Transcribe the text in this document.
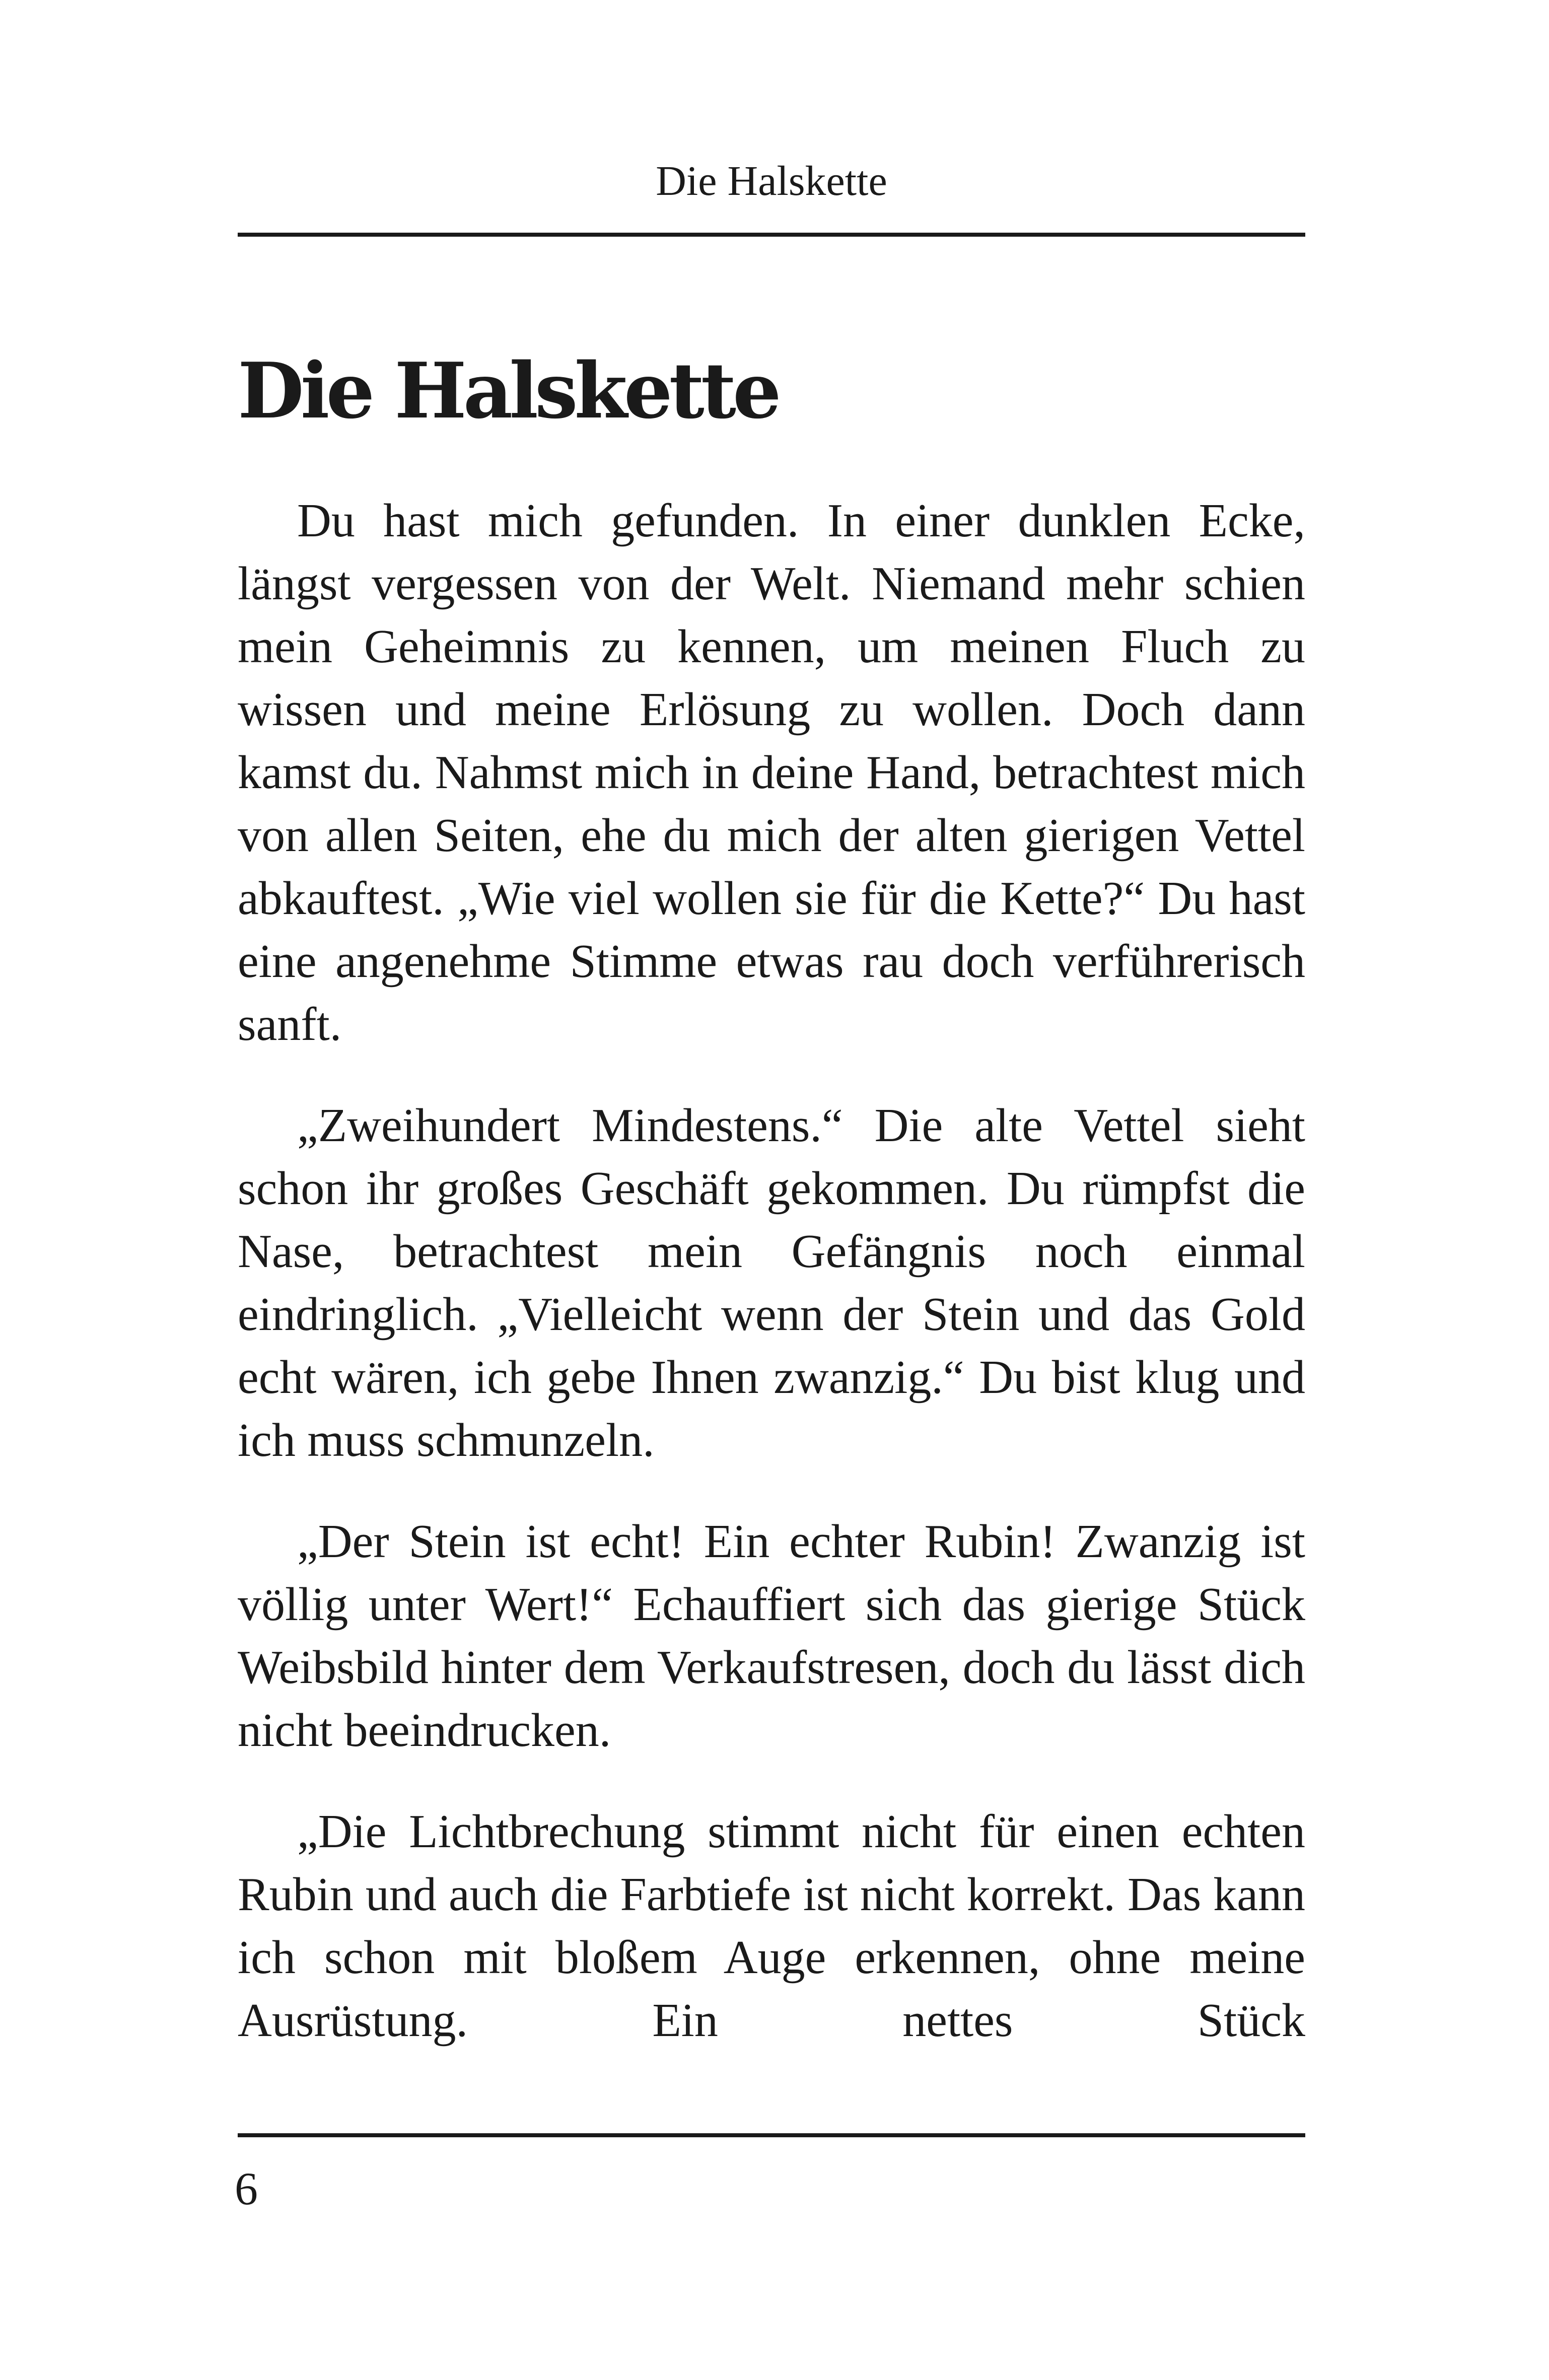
Die Halskette
Die Halskette

Du hast mich gefunden. In einer dunklen Ecke, längst vergessen von der Welt. Niemand mehr schien mein Geheimnis zu kennen, um meinen Fluch zu wissen und meine Erlösung zu wollen. Doch dann kamst du. Nahmst mich in deine Hand, betrachtest mich von allen Seiten, ehe du mich der alten gierigen Vettel abkauftest. „Wie viel wollen sie für die Kette?“ Du hast eine angenehme Stimme etwas rau doch verführerisch sanft.

„Zweihundert Mindestens.“ Die alte Vettel sieht schon ihr großes Geschäft gekommen. Du rümpfst die Nase, betrachtest mein Gefängnis noch einmal eindringlich. „Vielleicht wenn der Stein und das Gold echt wären, ich gebe Ihnen zwanzig.“ Du bist klug und ich muss schmunzeln.

„Der Stein ist echt! Ein echter Rubin! Zwanzig ist völlig unter Wert!“ Echauffiert sich das gierige Stück Weibsbild hinter dem Verkaufstresen, doch du lässt dich nicht beeindrucken.

„Die Lichtbrechung stimmt nicht für einen echten Rubin und auch die Farbtiefe ist nicht korrekt. Das kann ich schon mit bloßem Auge erkennen, ohne meine Ausrüstung. Ein nettes Stück

6
